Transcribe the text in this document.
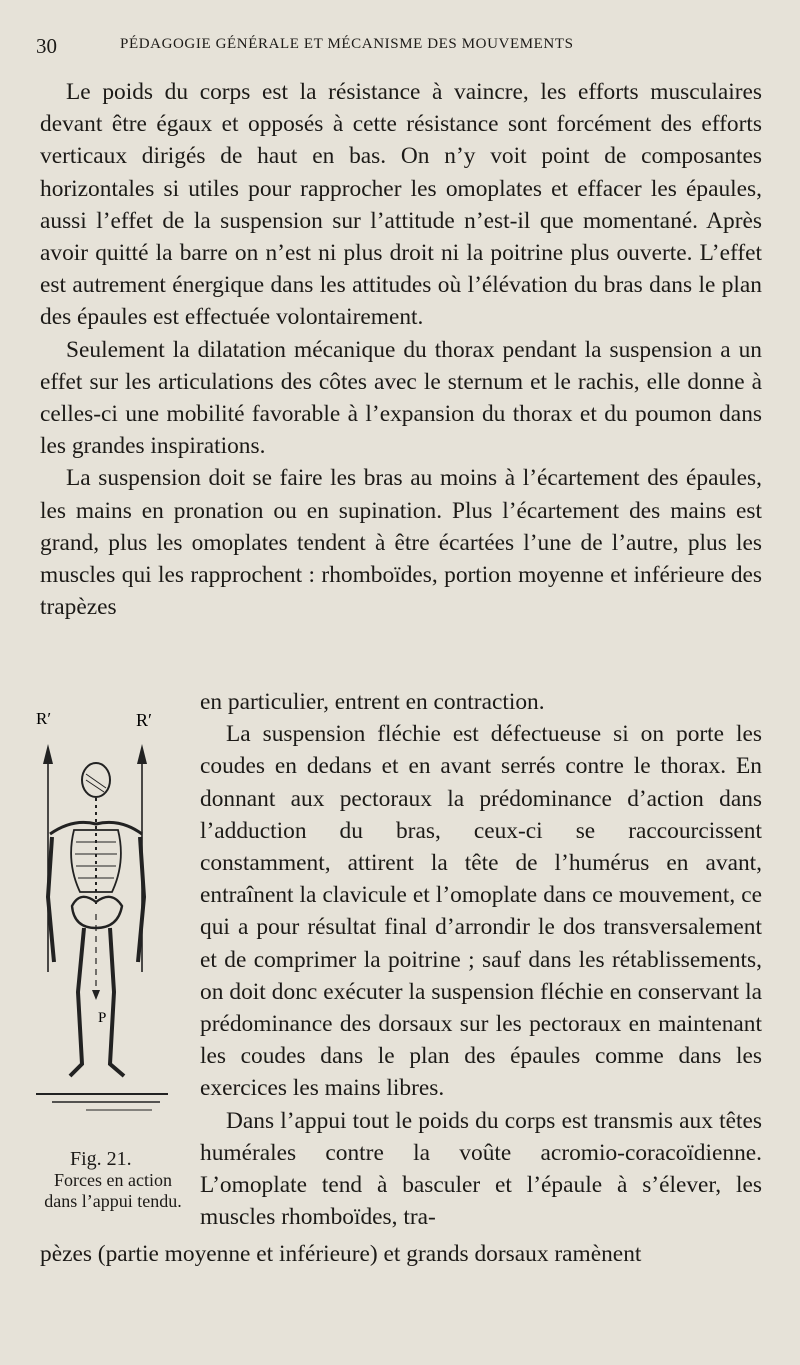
30	PÉDAGOGIE GÉNÉRALE ET MÉCANISME DES MOUVEMENTS

Le poids du corps est la résistance à vaincre, les efforts musculaires devant être égaux et opposés à cette résistance sont forcément des efforts verticaux dirigés de haut en bas. On n’y voit point de composantes horizontales si utiles pour rapprocher les omoplates et effacer les épaules, aussi l’effet de la suspension sur l’attitude n’est-il que momentané. Après avoir quitté la barre on n’est ni plus droit ni la poitrine plus ouverte. L’effet est autrement énergique dans les attitudes où l’élévation du bras dans le plan des épaules est effectuée volontairement.

Seulement la dilatation mécanique du thorax pendant la suspension a un effet sur les articulations des côtes avec le sternum et le rachis, elle donne à celles-ci une mobilité favorable à l’expansion du thorax et du poumon dans les grandes inspirations.

La suspension doit se faire les bras au moins à l’écartement des épaules, les mains en pronation ou en supination. Plus l’écartement des mains est grand, plus les omoplates tendent à être écartées l’une de l’autre, plus les muscles qui les rapprochent : rhomboïdes, portion moyenne et inférieure des trapèzes

R′	R′
P
Fig. 21.
Forces en action dans l’appui tendu.

en particulier, entrent en contraction.

La suspension fléchie est défectueuse si on porte les coudes en dedans et en avant serrés contre le thorax. En donnant aux pectoraux la prédominance d’action dans l’adduction du bras, ceux-ci se raccourcissent constamment, attirent la tête de l’humérus en avant, entraînent la clavicule et l’omoplate dans ce mouvement, ce qui a pour résultat final d’arrondir le dos transversalement et de comprimer la poitrine ; sauf dans les rétablissements, on doit donc exécuter la suspension fléchie en conservant la prédominance des dorsaux sur les pectoraux en maintenant les coudes dans le plan des épaules comme dans les exercices les mains libres.

Dans l’appui tout le poids du corps est transmis aux têtes humérales contre la voûte acromio-coracoïdienne. L’omoplate tend à basculer et l’épaule à s’élever, les muscles rhomboïdes, tra-

pèzes (partie moyenne et inférieure) et grands dorsaux ramènent
